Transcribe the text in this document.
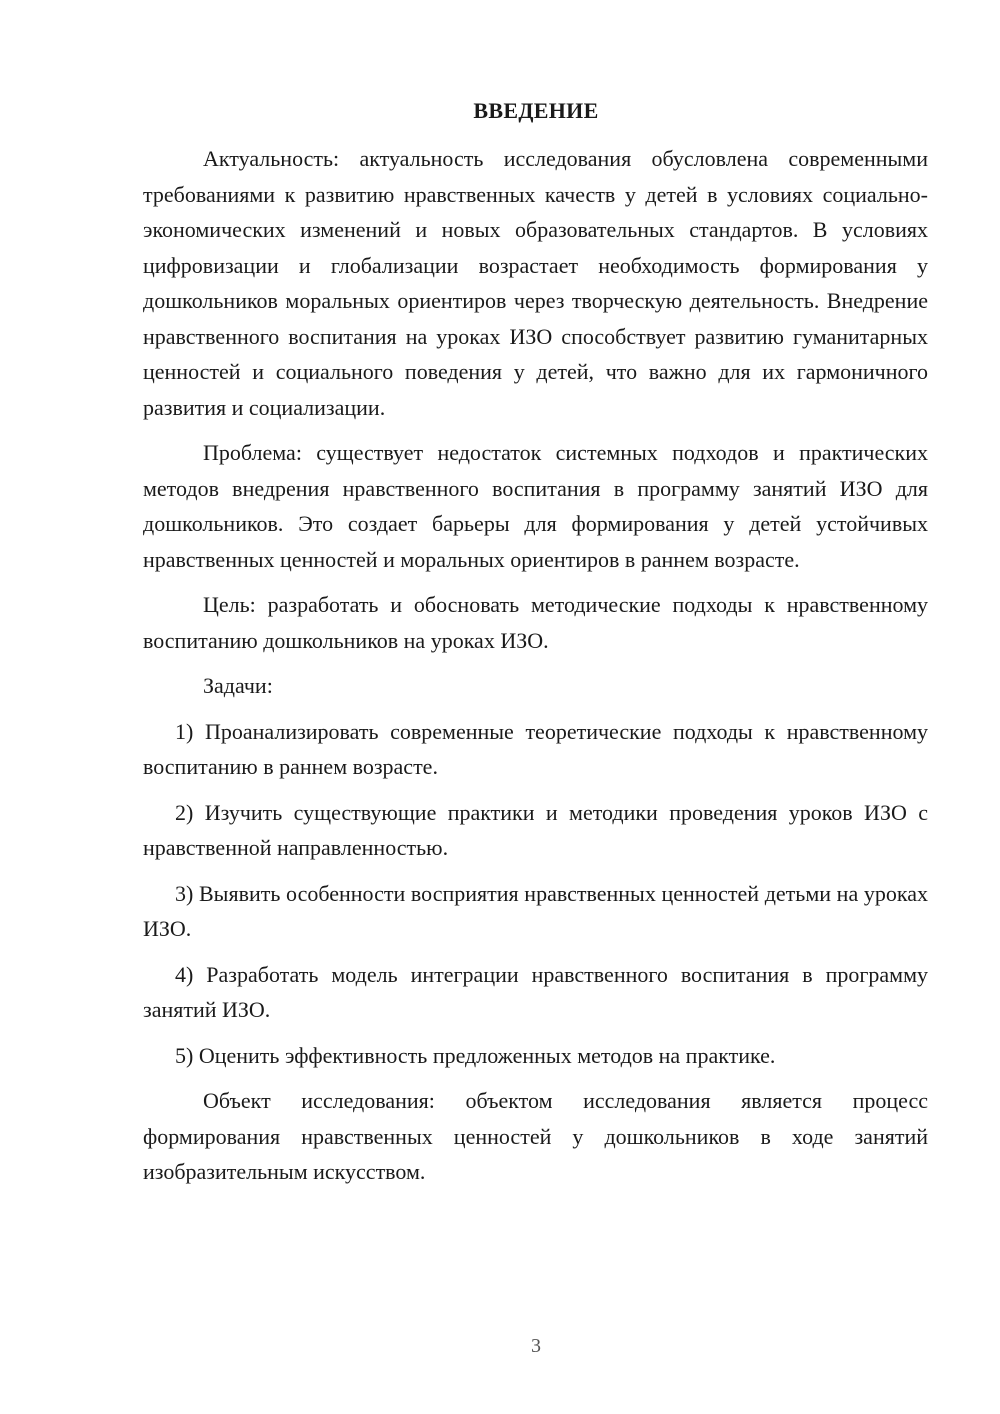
ВВЕДЕНИЕ

Актуальность: актуальность исследования обусловлена современными требованиями к развитию нравственных качеств у детей в условиях социально-экономических изменений и новых образовательных стандартов. В условиях цифровизации и глобализации возрастает необходимость формирования у дошкольников моральных ориентиров через творческую деятельность. Внедрение нравственного воспитания на уроках ИЗО способствует развитию гуманитарных ценностей и социального поведения у детей, что важно для их гармоничного развития и социализации.

Проблема: существует недостаток системных подходов и практических методов внедрения нравственного воспитания в программу занятий ИЗО для дошкольников. Это создает барьеры для формирования у детей устойчивых нравственных ценностей и моральных ориентиров в раннем возрасте.

Цель: разработать и обосновать методические подходы к нравственному воспитанию дошкольников на уроках ИЗО.

Задачи:

1) Проанализировать современные теоретические подходы к нравственному воспитанию в раннем возрасте.

2) Изучить существующие практики и методики проведения уроков ИЗО с нравственной направленностью.

3) Выявить особенности восприятия нравственных ценностей детьми на уроках ИЗО.

4) Разработать модель интеграции нравственного воспитания в программу занятий ИЗО.

5) Оценить эффективность предложенных методов на практике.

Объект исследования: объектом исследования является процесс формирования нравственных ценностей у дошкольников в ходе занятий изобразительным искусством.

3
